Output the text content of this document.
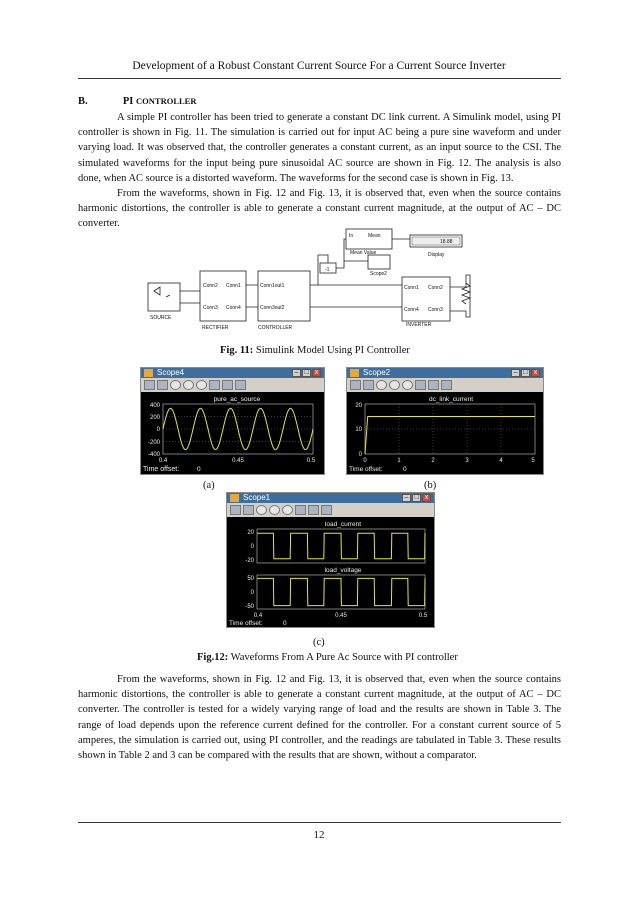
Development of a Robust Constant Current Source For a Current Source Inverter
B.	PI CONTROLLER

A simple PI controller has been tried to generate a constant DC link current. A Simulink model, using PI controller is shown in Fig. 11. The simulation is carried out for input AC being a pure sine waveform and under varying load. It was observed that, the controller generates a constant current, as an input source to the CSI. The simulated waveforms for the input being pure sinusoidal AC source are shown in Fig. 12. The analysis is also done, when AC source is a distorted waveform. The waveforms for the second case is shown in Fig. 13.

From the waveforms, shown in Fig. 12 and Fig. 13, it is observed that, even when the source contains harmonic distortions, the controller is able to generate a constant current magnitude, at the output of AC – DC converter.

In	Mean
Mean Value
18.88
Display
Scope2
-1
SOURCE
Conn2 Conn1
Conn3 Conn4
RECTIFIER
Conn1out1
Conn3out2
CONTROLLER
Conn1 Conn2
Conn4 Conn3
INVERTER
Fig. 11: Simulink Model Using PI Controller
Scope4	– □ x
pure_ac_source
400
200
0
-200
-400
0.4	0.45	0.5
Time offset:	0
Scope2	– □ x
dc_link_current
20
10
0
0	1	2	3	4	5
Time offset:	0
(a)	(b)
Scope1	– □ x
load_current
20
0
-20
load_voltage
50
0
-50
0.4	0.45	0.5
Time offset:	0
(c)
Fig.12: Waveforms From A Pure Ac Source with PI controller

From the waveforms, shown in Fig. 12 and Fig. 13, it is observed that, even when the source contains harmonic distortions, the controller is able to generate a constant current magnitude, at the output of AC – DC converter. The controller is tested for a widely varying range of load and the results are shown in Table 3. The range of load depends upon the reference current defined for the controller. For a constant current source of 5 amperes, the simulation is carried out, using PI controller, and the readings are tabulated in Table 3. These results shown in Table 2 and 3 can be compared with the results that are shown, without a comparator.

12
